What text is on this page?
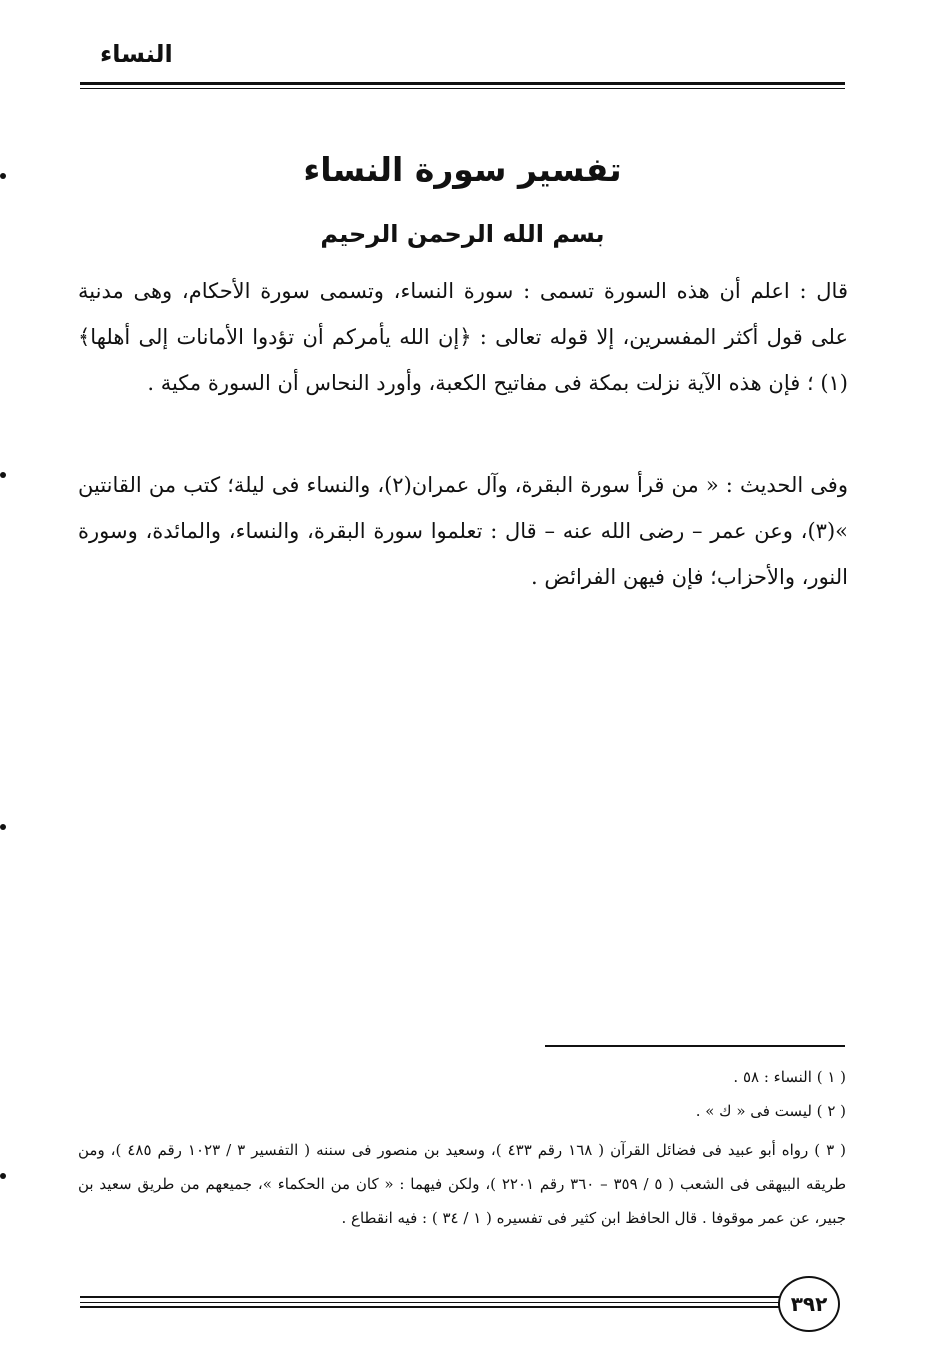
النساء
تفسير سورة النساء
بسم الله الرحمن الرحيم
قال : اعلم أن هذه السورة تسمى : سورة النساء، وتسمى سورة الأحكام، وهى مدنية على قول أكثر المفسرين، إلا قوله تعالى : ﴿إن الله يأمركم أن تؤدوا الأمانات إلى أهلها﴾(١) ؛ فإن هذه الآية نزلت بمكة فى مفاتيح الكعبة، وأورد النحاس أن السورة مكية .
وفى الحديث : « من قرأ سورة البقرة، وآل عمران(٢)، والنساء فى ليلة؛ كتب من القانتين »(٣)، وعن عمر – رضى الله عنه – قال : تعلموا سورة البقرة، والنساء، والمائدة، وسورة النور، والأحزاب؛ فإن فيهن الفرائض .
( ١ ) النساء : ٥٨ .
( ٢ ) ليست فى « ك » .
( ٣ ) رواه أبو عبيد فى فضائل القرآن ( ١٦٨ رقم ٤٣٣ )، وسعيد بن منصور فى سننه ( التفسير ٣ / ١٠٢٣ رقم ٤٨٥ )، ومن طريقه البيهقى فى الشعب ( ٥ / ٣٥٩ – ٣٦٠ رقم ٢٢٠١ )، ولكن فيهما : « كان من الحكماء »، جميعهم من طريق سعيد بن جبير، عن عمر موقوفا . قال الحافظ ابن كثير فى تفسيره ( ١ / ٣٤ ) : فيه انقطاع .
٣٩٢
